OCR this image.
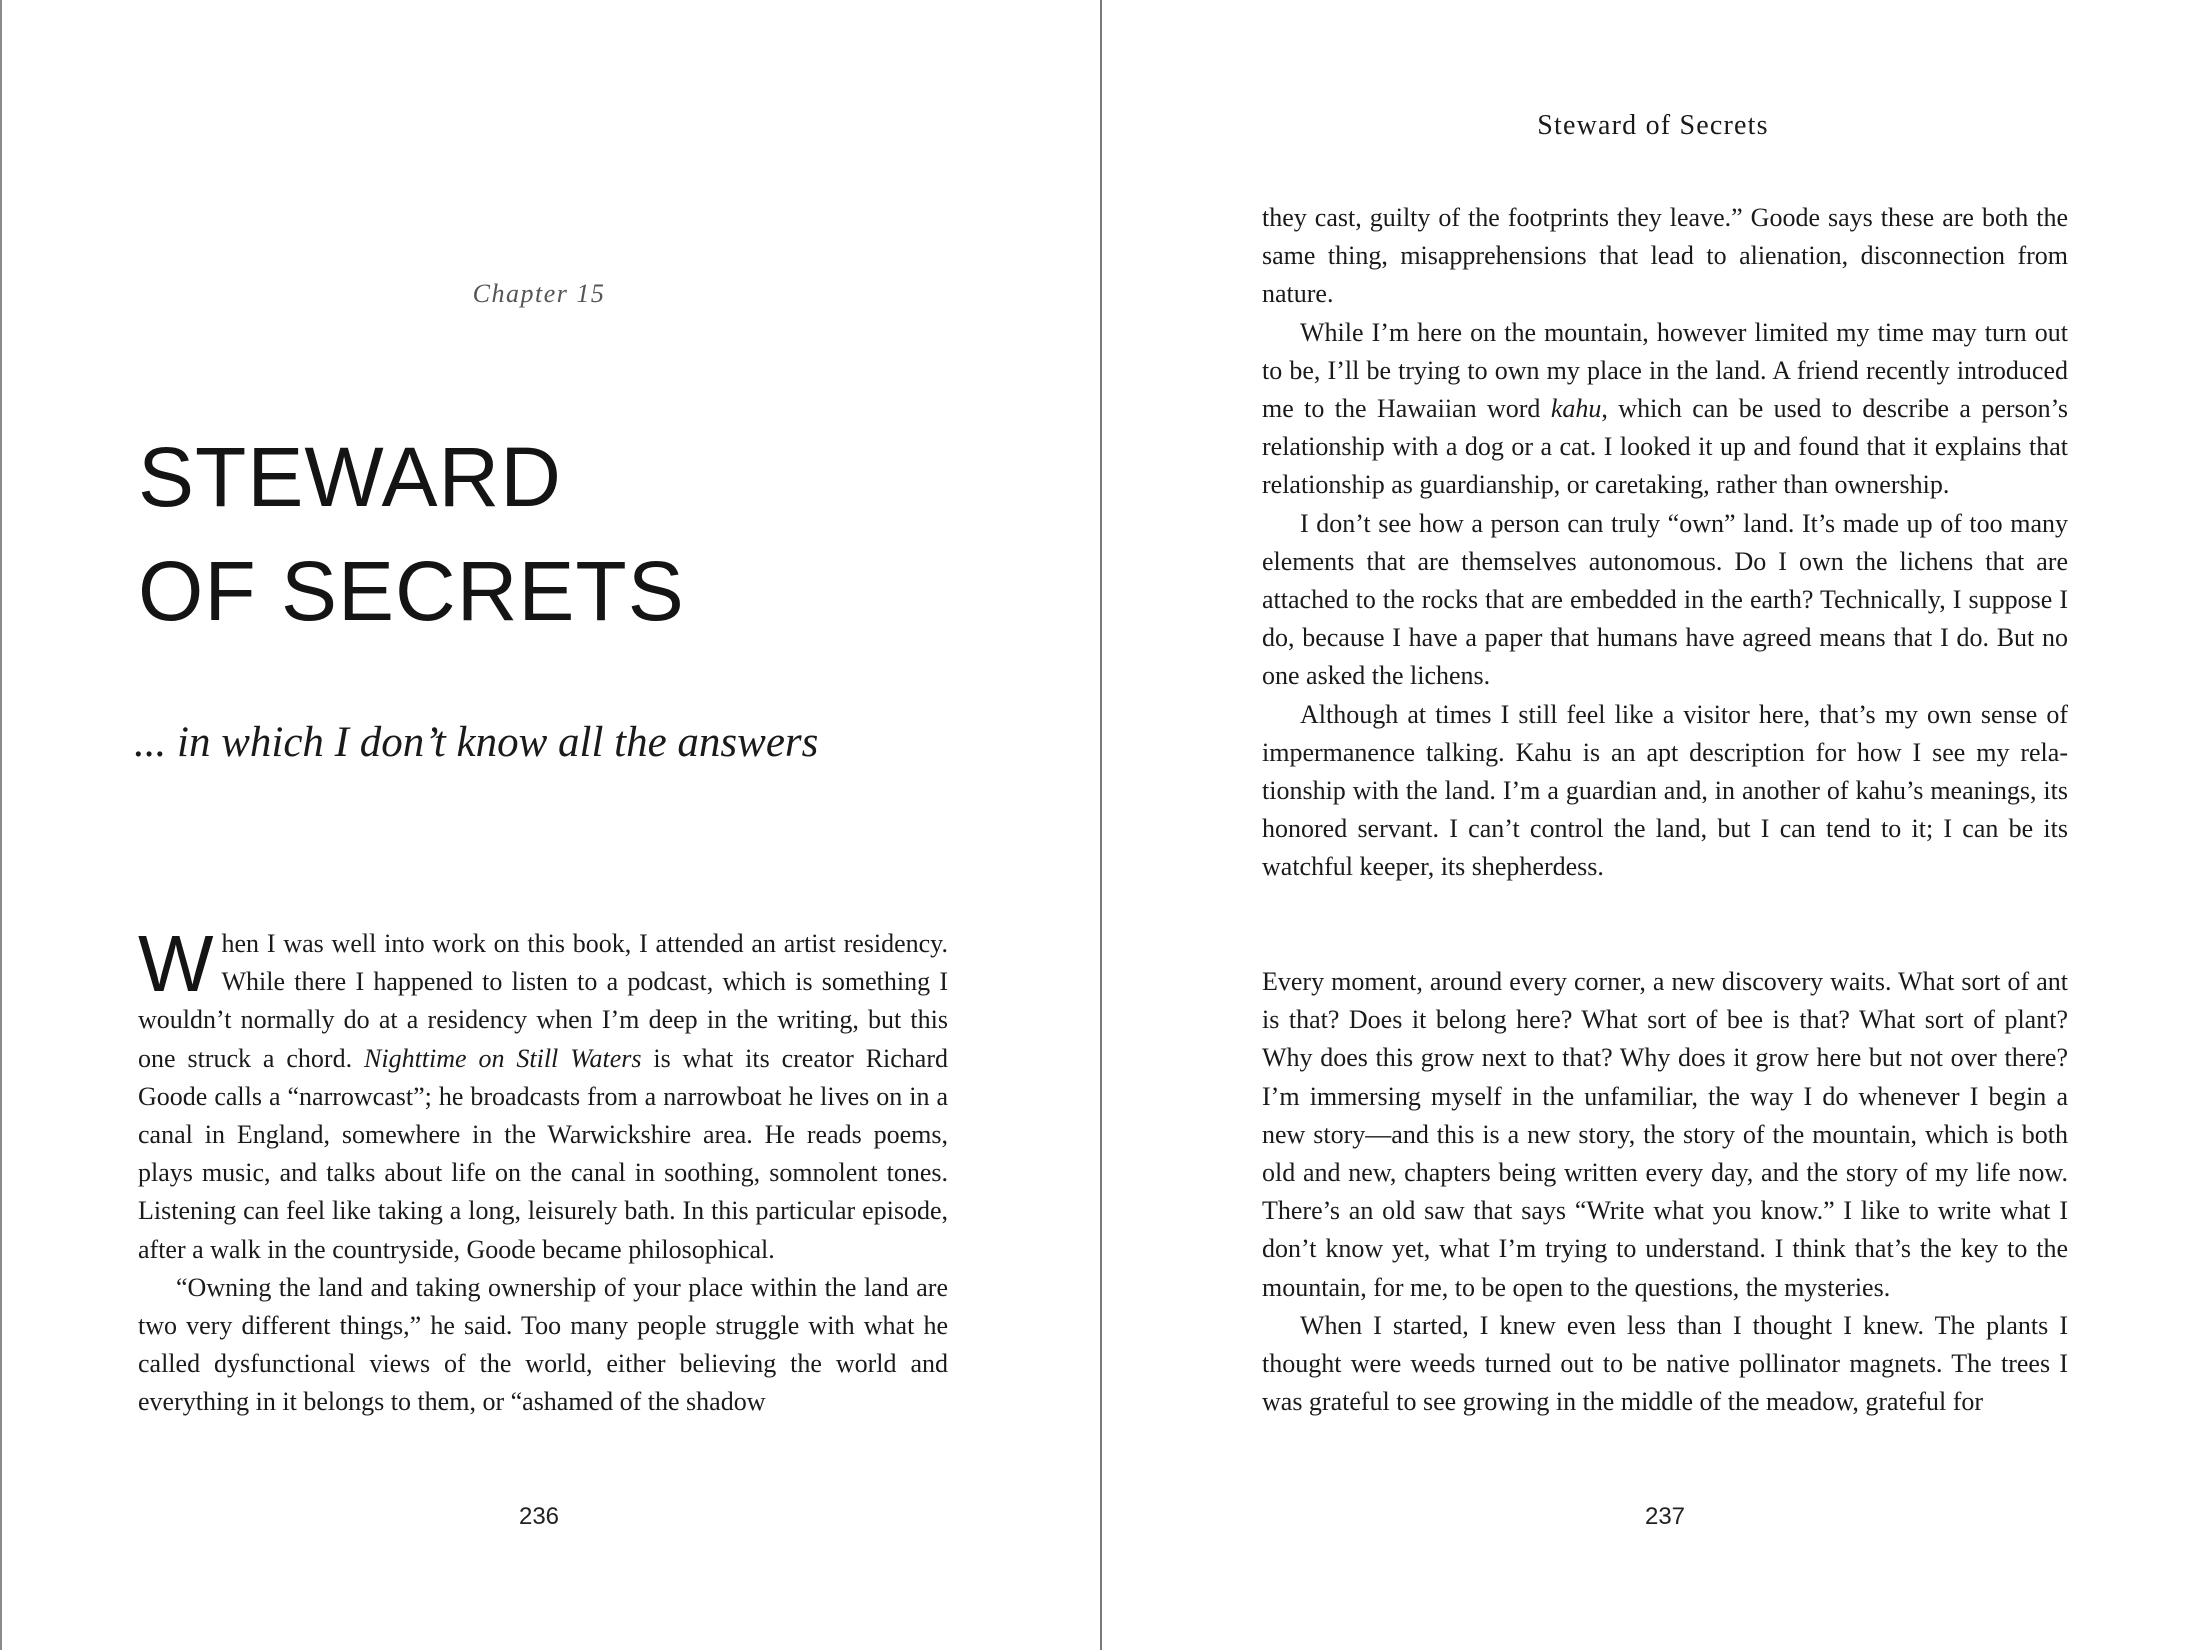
Chapter 15
STEWARD
OF SECRETS
... in which I don’t know all the answers

When I was well into work on this book, I attended an artist residency. While there I happened to listen to a podcast, which is something I wouldn’t normally do at a residency when I’m deep in the writing, but this one struck a chord. Nighttime on Still Waters is what its creator Richard Goode calls a “narrowcast”; he broadcasts from a narrowboat he lives on in a canal in England, somewhere in the Warwickshire area. He reads poems, plays music, and talks about life on the canal in soothing, somnolent tones. Listening can feel like taking a long, leisurely bath. In this particular episode, after a walk in the countryside, Goode became philosophical.

“Owning the land and taking ownership of your place within the land are two very different things,” he said. Too many people struggle with what he called dysfunctional views of the world, either believing the world and everything in it belongs to them, or “ashamed of the shadow

236
Steward of Secrets

they cast, guilty of the footprints they leave.” Goode says these are both the same thing, misapprehensions that lead to alienation, disconnection from nature.

While I’m here on the mountain, however limited my time may turn out to be, I’ll be trying to own my place in the land. A friend recently introduced me to the Hawaiian word kahu, which can be used to describe a person’s relationship with a dog or a cat. I looked it up and found that it explains that relationship as guardianship, or caretaking, rather than ownership.

I don’t see how a person can truly “own” land. It’s made up of too many elements that are themselves autonomous. Do I own the lichens that are attached to the rocks that are embedded in the earth? Technically, I suppose I do, because I have a paper that humans have agreed means that I do. But no one asked the lichens.

Although at times I still feel like a visitor here, that’s my own sense of impermanence talking. Kahu is an apt description for how I see my relationship with the land. I’m a guardian and, in another of kahu’s meanings, its honored servant. I can’t control the land, but I can tend to it; I can be its watchful keeper, its shepherdess.

Every moment, around every corner, a new discovery waits. What sort of ant is that? Does it belong here? What sort of bee is that? What sort of plant? Why does this grow next to that? Why does it grow here but not over there? I’m immersing myself in the unfamiliar, the way I do whenever I begin a new story—and this is a new story, the story of the mountain, which is both old and new, chapters being written every day, and the story of my life now. There’s an old saw that says “Write what you know.” I like to write what I don’t know yet, what I’m trying to understand. I think that’s the key to the mountain, for me, to be open to the questions, the mysteries.

When I started, I knew even less than I thought I knew. The plants I thought were weeds turned out to be native pollinator magnets. The trees I was grateful to see growing in the middle of the meadow, grateful for

237
